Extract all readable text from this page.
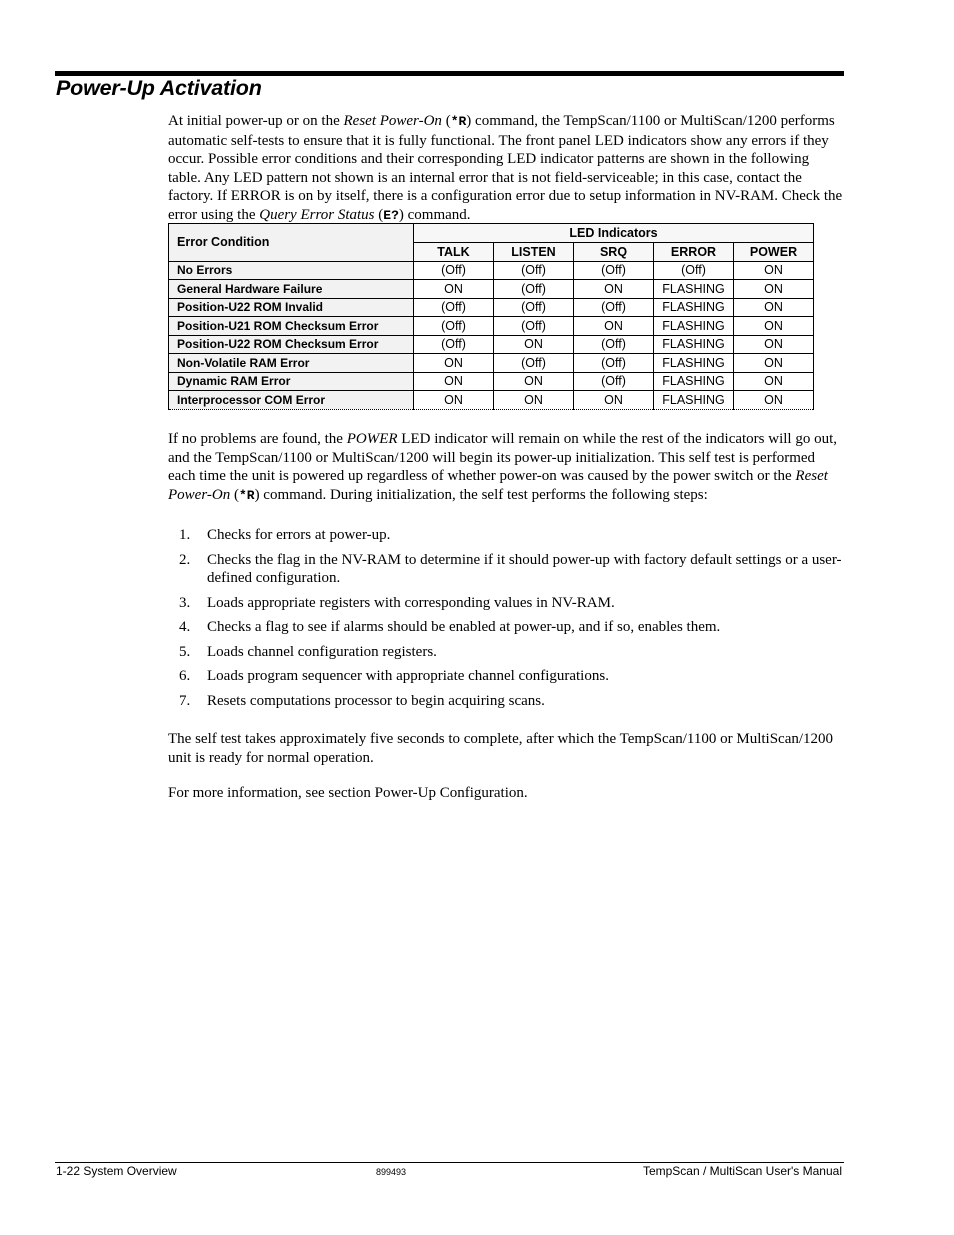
Power-Up Activation
At initial power-up or on the Reset Power-On (*R) command, the TempScan/1100 or MultiScan/1200 performs automatic self-tests to ensure that it is fully functional. The front panel LED indicators show any errors if they occur. Possible error conditions and their corresponding LED indicator patterns are shown in the following table. Any LED pattern not shown is an internal error that is not field-serviceable; in this case, contact the factory. If ERROR is on by itself, there is a configuration error due to setup information in NV-RAM. Check the error using the Query Error Status (E?) command.
Error Condition	LED Indicators				
	TALK	LISTEN	SRQ	ERROR	POWER
No Errors	(Off)	(Off)	(Off)	(Off)	ON
General Hardware Failure	ON	(Off)	ON	FLASHING	ON
Position-U22 ROM Invalid	(Off)	(Off)	(Off)	FLASHING	ON
Position-U21 ROM Checksum Error	(Off)	(Off)	ON	FLASHING	ON
Position-U22 ROM Checksum Error	(Off)	ON	(Off)	FLASHING	ON
Non-Volatile RAM Error	ON	(Off)	(Off)	FLASHING	ON
Dynamic RAM Error	ON	ON	(Off)	FLASHING	ON
Interprocessor COM Error	ON	ON	ON	FLASHING	ON
If no problems are found, the POWER LED indicator will remain on while the rest of the indicators will go out, and the TempScan/1100 or MultiScan/1200 will begin its power-up initialization. This self test is performed each time the unit is powered up regardless of whether power-on was caused by the power switch or the Reset Power-On (*R) command. During initialization, the self test performs the following steps:
1. Checks for errors at power-up.
2. Checks the flag in the NV-RAM to determine if it should power-up with factory default settings or a user-defined configuration.
3. Loads appropriate registers with corresponding values in NV-RAM.
4. Checks a flag to see if alarms should be enabled at power-up, and if so, enables them.
5. Loads channel configuration registers.
6. Loads program sequencer with appropriate channel configurations.
7. Resets computations processor to begin acquiring scans.
The self test takes approximately five seconds to complete, after which the TempScan/1100 or MultiScan/1200 unit is ready for normal operation.
For more information, see section Power-Up Configuration.
1-22 System Overview	899493	TempScan / MultiScan User's Manual
